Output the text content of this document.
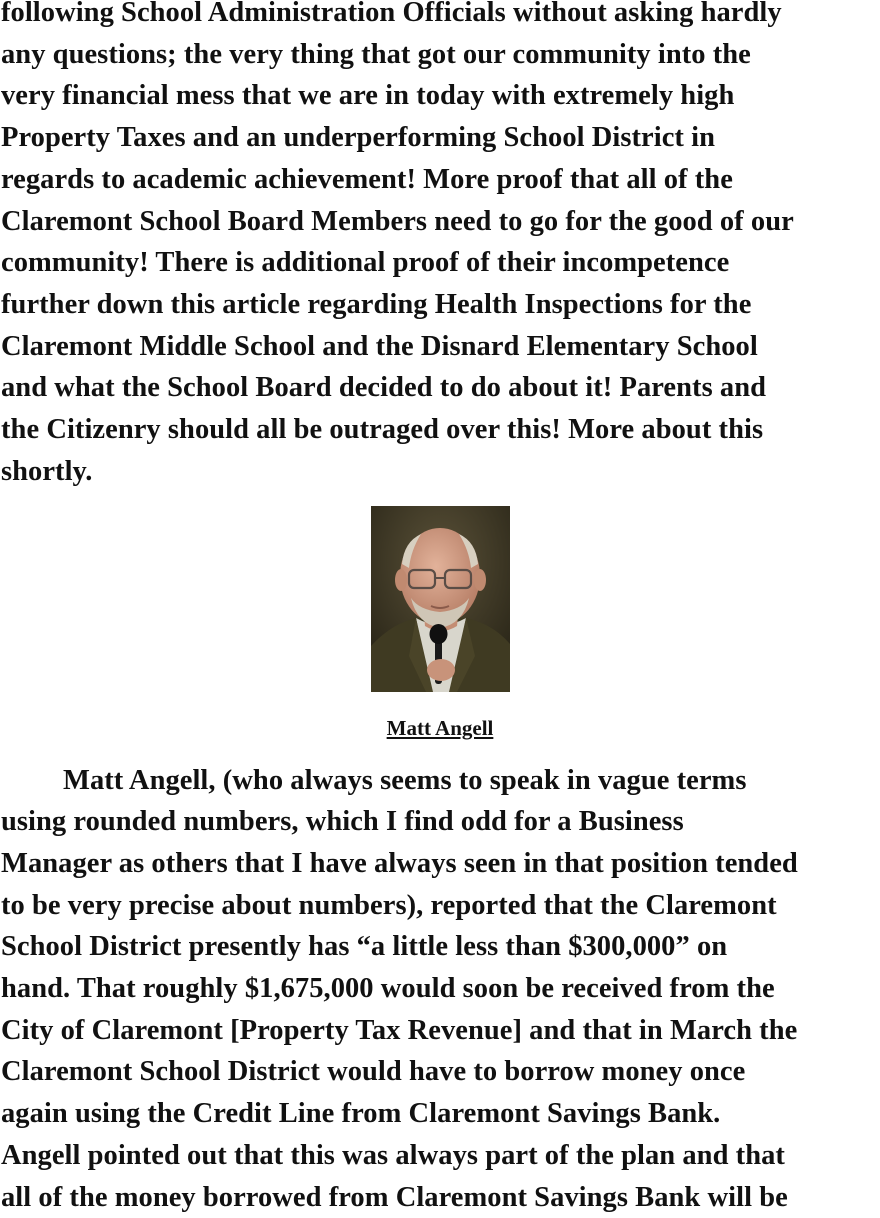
following School Administration Officials without asking hardly
any questions; the very thing that got our community into the
very financial mess that we are in today with extremely high
Property Taxes and an underperforming School District in
regards to academic achievement! More proof that all of the
Claremont School Board Members need to go for the good of our
community! There is additional proof of their incompetence
further down this article regarding Health Inspections for the
Claremont Middle School and the Disnard Elementary School
and what the School Board decided to do about it! Parents and
the Citizenry should all be outraged over this! More about this
shortly.
Matt Angell
Matt Angell, (who always seems to speak in vague terms
using rounded numbers, which I find odd for a Business
Manager as others that I have always seen in that position tended
to be very precise about numbers), reported that the Claremont
School District presently has “a little less than $300,000” on
hand. That roughly $1,675,000 would soon be received from the
City of Claremont [Property Tax Revenue] and that in March the
Claremont School District would have to borrow money once
again using the Credit Line from Claremont Savings Bank.
Angell pointed out that this was always part of the plan and that
all of the money borrowed from Claremont Savings Bank will be
